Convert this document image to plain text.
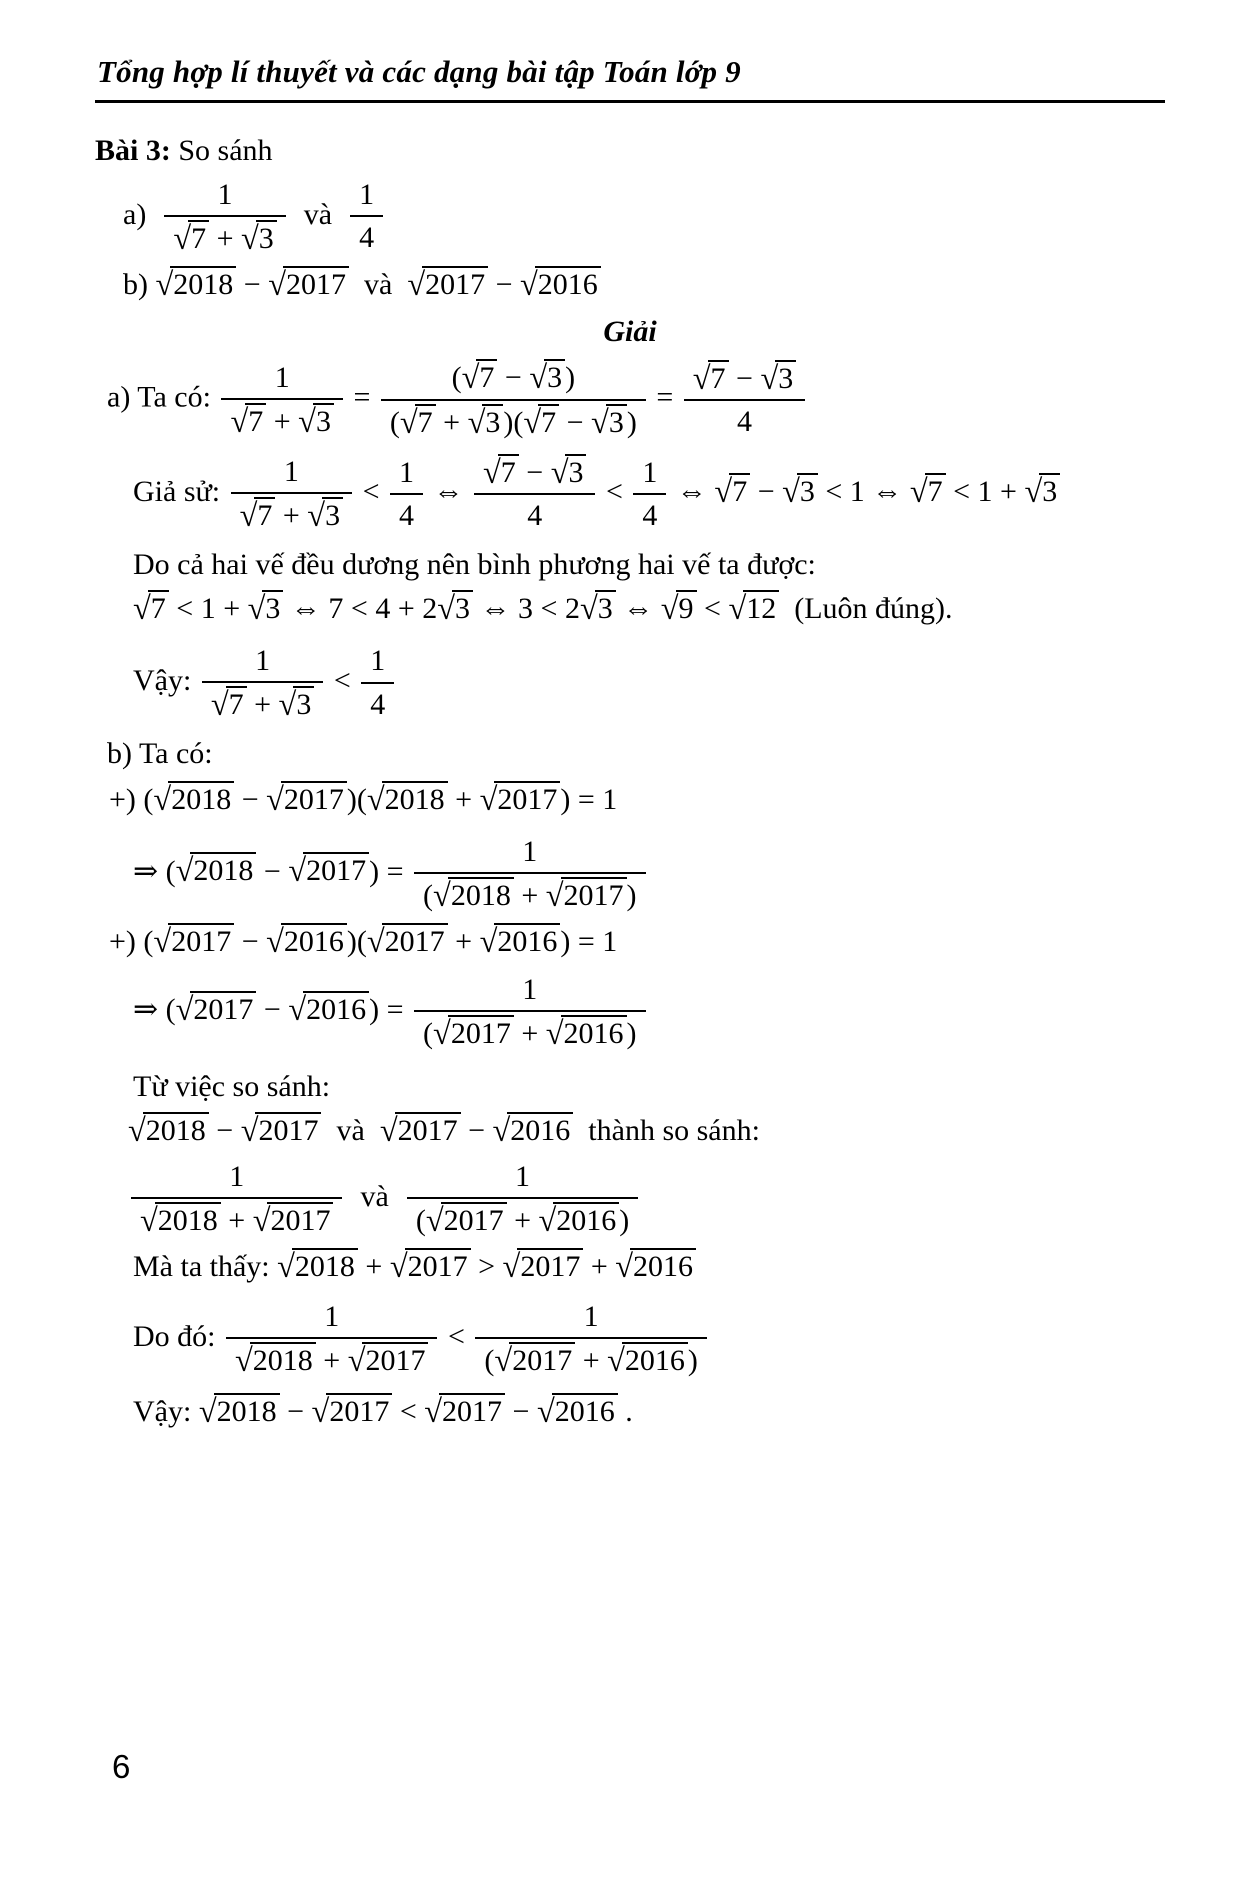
Tổng hợp lí thuyết và các dạng bài tập Toán lớp 9
Bài 3: So sánh
$a) \frac{1}{√7 + √3}$ và $\frac{1}{4}$
b) √2018 − √2017  và  √2017 − √2016
Giải
a) Ta có: $\frac{1}{√7 + √3} = \frac{(√7 - √3 )}{(√7 + √3 )(√7 - √3 )} = \frac{√7 - √3}{4}$
Giả sử: $\frac{1}{√7 + √3} < \frac{1}{4}$ ⇔ $\frac{√7 - √3}{4} < \frac{1}{4}$ ⇔ √7 − √3 < 1 ⇔ √7 < 1 + √3
Do cả hai vế đều dương nên bình phương hai vế ta được:
√7 < 1 + √3 ⇔ 7 < 4 + 2√3 ⇔ 3 < 2√3 ⇔ √9 < √12  (Luôn đúng).
Vậy: $\frac{1}{√7 + √3} < \frac{1}{4}$
b) Ta có:
+) (√2018 − √2017 )(√2018 + √2017 ) = 1
⇒ (√2018 − √2017 ) = $\frac{1}{(√2018 + √2017 )}$
+) (√2017 − √2016 )(√2017 + √2016 ) = 1
⇒ (√2017 − √2016 ) = $\frac{1}{(√2017 + √2016 )}$
Từ việc so sánh:
√2018 − √2017  và  √2017 − √2016  thành so sánh:
$\frac{1}{√2018 + √2017}$ và $\frac{1}{(√2017 + √2016 )}$
Mà ta thấy: √2018 + √2017 > √2017 + √2016
Do đó: $\frac{1}{√2018 + √2017} < \frac{1}{(√2017 + √2016 )}$
Vậy: √2018 − √2017 < √2017 − √2016 .
6
